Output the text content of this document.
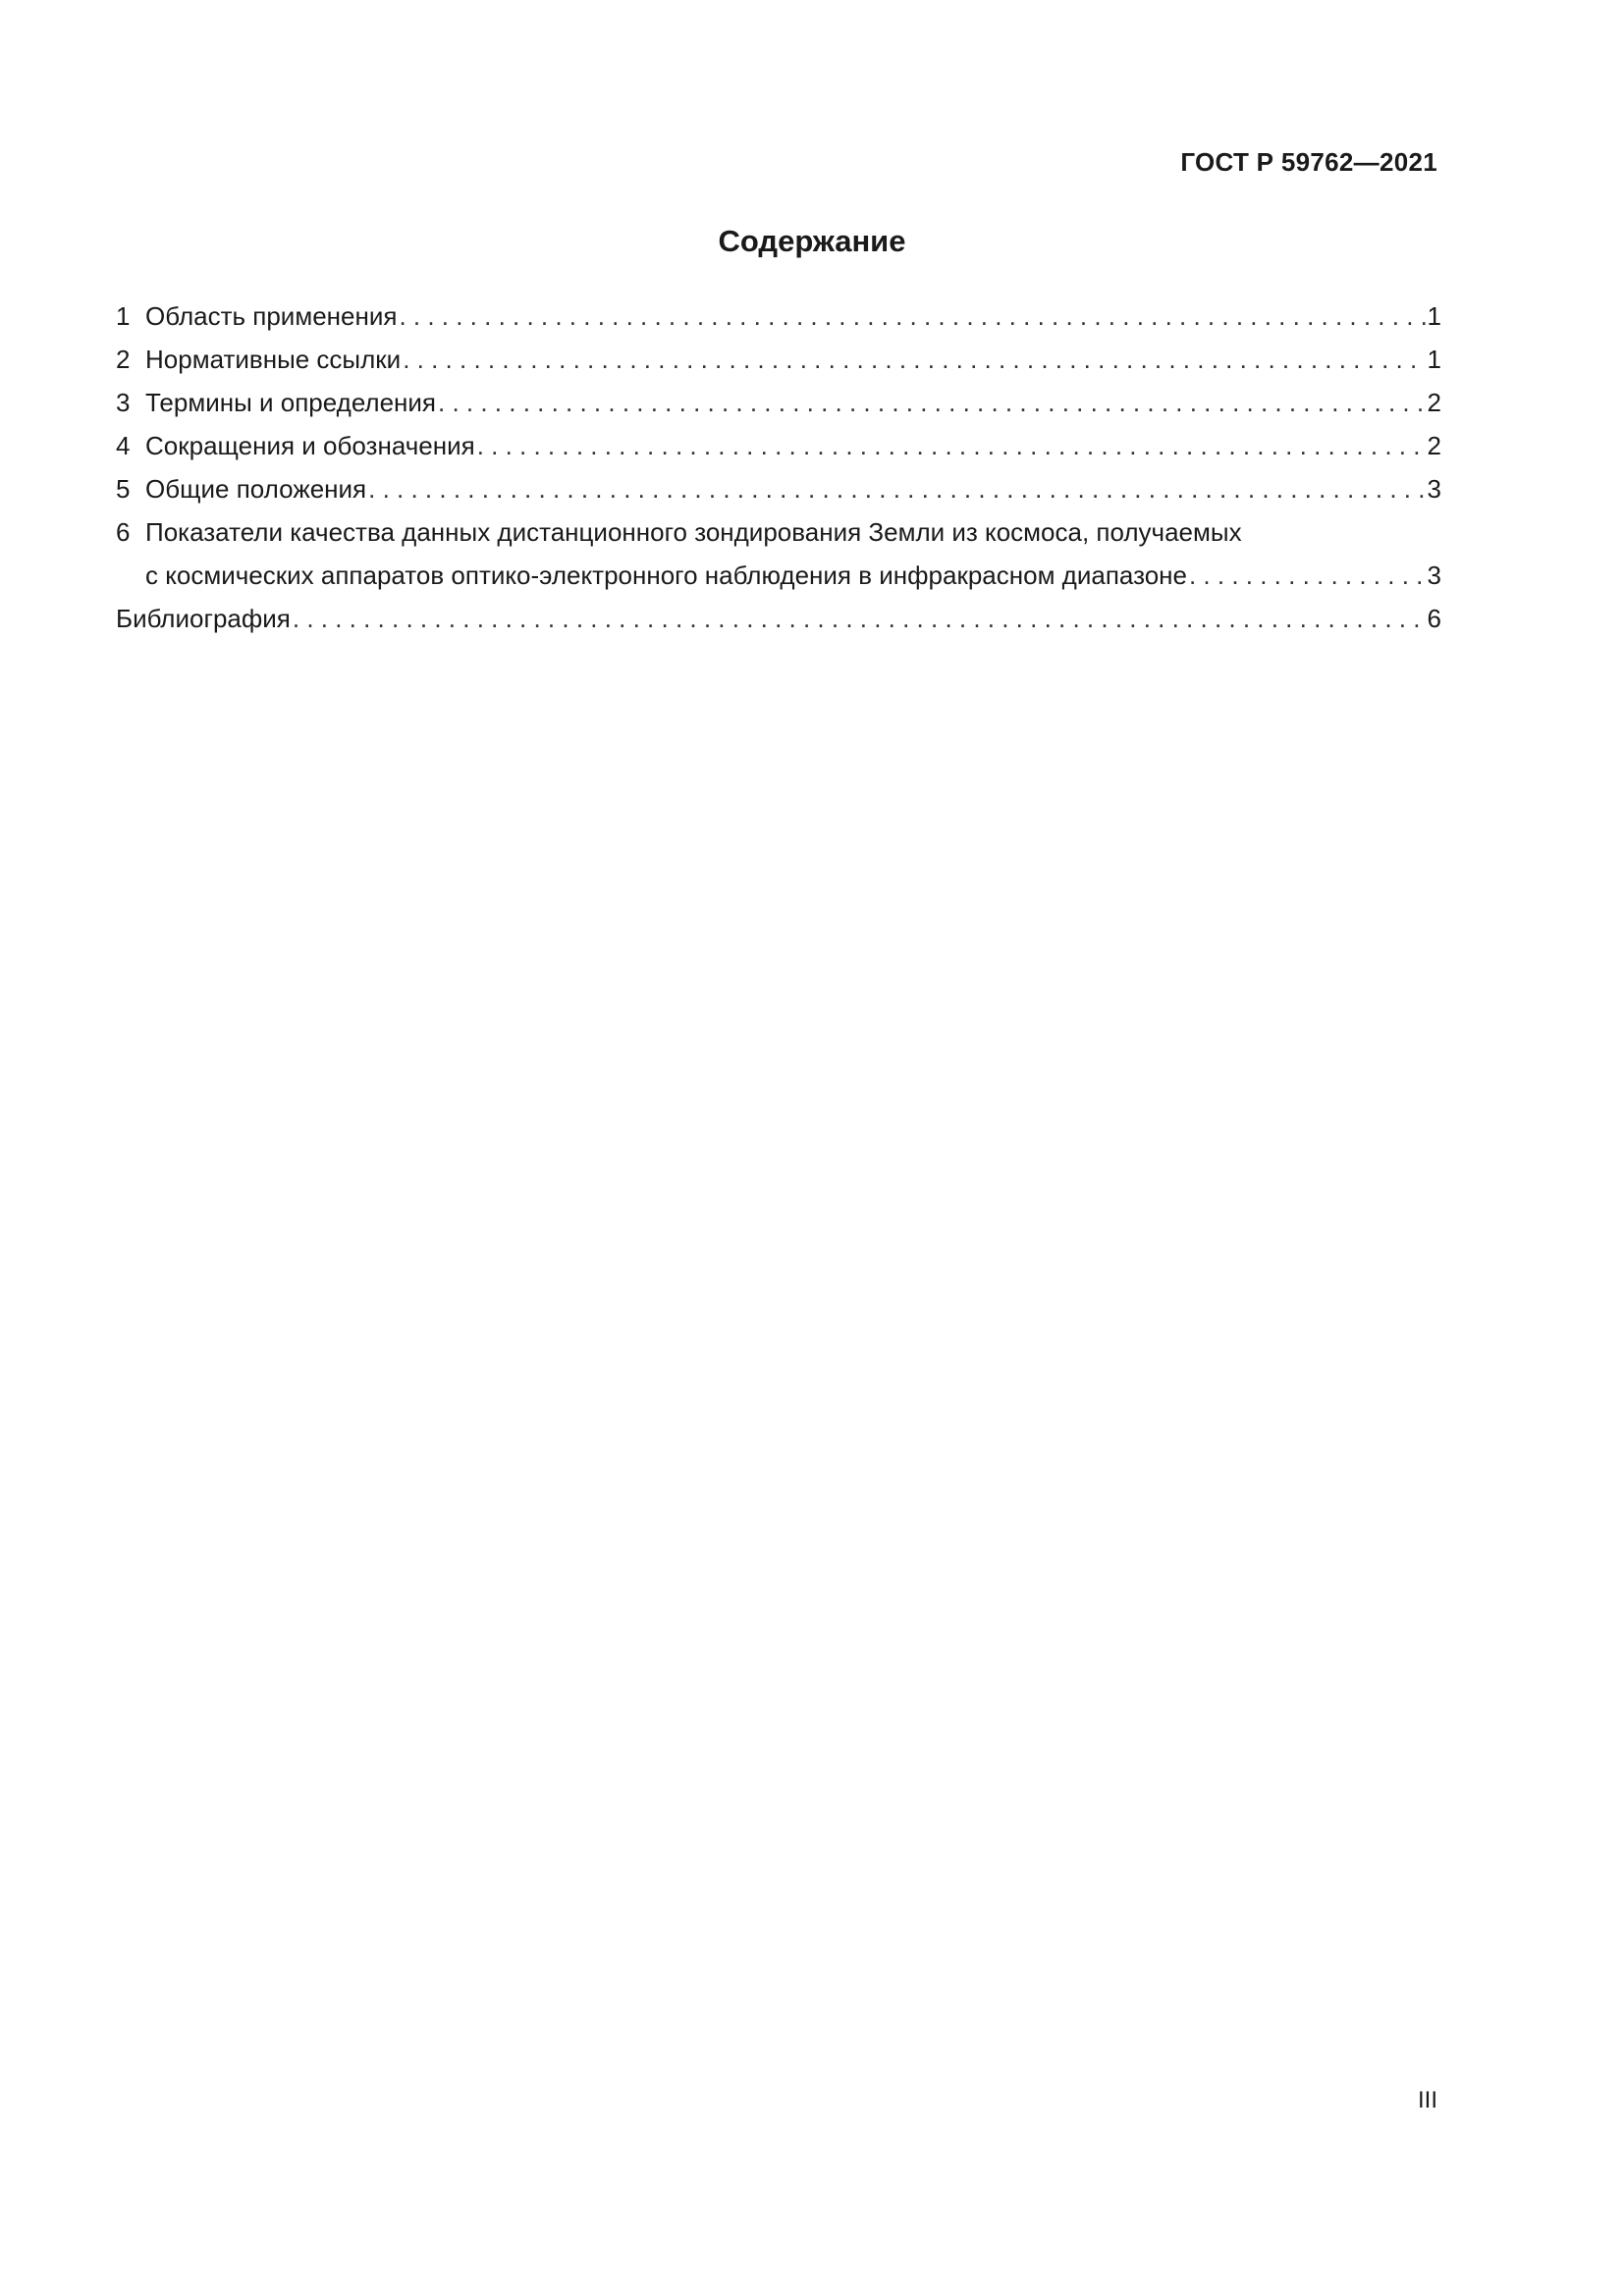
ГОСТ Р 59762—2021
Содержание
1 Область применения . . .	1
2 Нормативные ссылки . . .	1
3 Термины и определения . . .	2
4 Сокращения и обозначения . . .	2
5 Общие положения . . .	3
6 Показатели качества данных дистанционного зондирования Земли из космоса, получаемых
с космических аппаратов оптико-электронного наблюдения в инфракрасном диапазоне . . .	3
Библиография . . .	6
III
